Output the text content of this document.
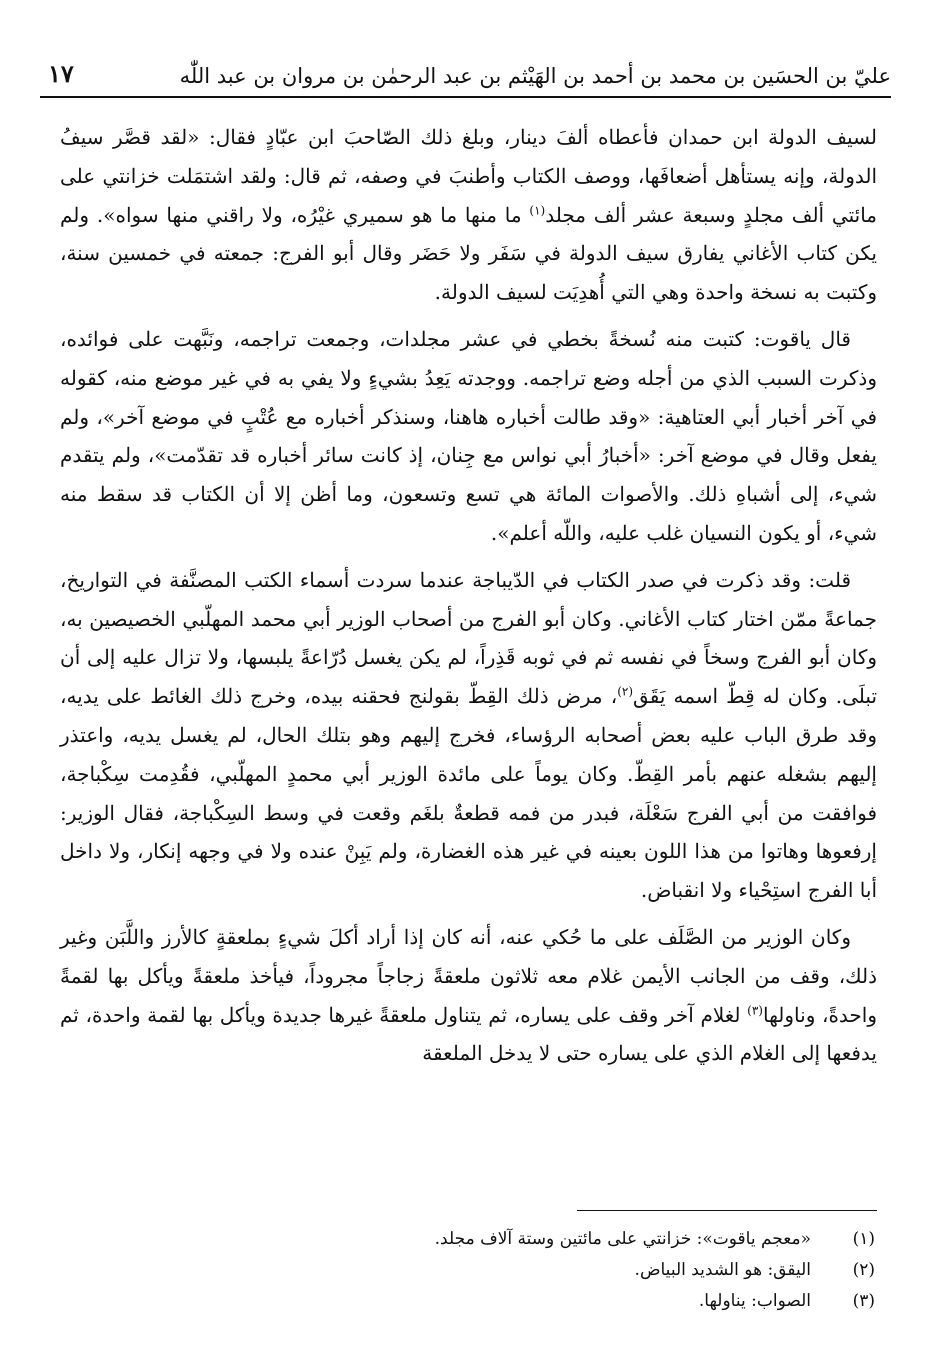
عليّ بن الحسَين بن محمد بن أحمد بن الهَيْثم بن عبد الرحمٰن بن مروان بن عبد اللّٰه
١٧

لسيف الدولة ابن حمدان فأعطاه ألفَ دينار، وبلغ ذلك الصّاحبَ ابن عبّادٍ فقال: «لقد قصَّر سيفُ الدولة، وإنه يستأهل أضعافَها، ووصف الكتاب وأطنبَ في وصفه، ثم قال: ولقد اشتمَلت خزانتي على مائتي ألف مجلدٍ وسبعة عشر ألف مجلد$^{(١)}$ ما منها ما هو سميري غيْرُه، ولا راقني منها سواه». ولم يكن كتاب الأغاني يفارق سيف الدولة في سَفَر ولا حَضَر وقال أبو الفرج: جمعته في خمسين سنة، وكتبت به نسخة واحدة وهي التي أُهدِيَت لسيف الدولة.

قال ياقوت: كتبت منه نُسخةً بخطي في عشر مجلدات، وجمعت تراجمه، ونَبَّهت على فوائده، وذكرت السبب الذي من أجله وضع تراجمه. ووجدته يَعِدُ بشيءٍ ولا يفي به في غير موضع منه، كقوله في آخر أخبار أبي العتاهية: «وقد طالت أخباره هاهنا، وسنذكر أخباره مع عُتْبٍ في موضع آخر»، ولم يفعل وقال في موضع آخر: «أخبارُ أبي نواس مع جِنان، إذ كانت سائر أخباره قد تقدّمت»، ولم يتقدم شيء، إلى أشباهِ ذلك. والأصوات المائة هي تسع وتسعون، وما أظن إلا أن الكتاب قد سقط منه شيء، أو يكون النسيان غلب عليه، واللّه أعلم».

قلت: وقد ذكرت في صدر الكتاب في الدّيباجة عندما سردت أسماء الكتب المصنَّفة في التواريخ، جماعةً ممّن اختار كتاب الأغاني. وكان أبو الفرج من أصحاب الوزير أبي محمد المهلّبي الخصيصين به، وكان أبو الفرج وسخاً في نفسه ثم في ثوبه قَذِراً، لم يكن يغسل دُرّاعةً يلبسها، ولا تزال عليه إلى أن تبلَى. وكان له قِطّ اسمه يَقَق$^{(٢)}$، مرض ذلك القِطّ بقولنج فحقنه بيده، وخرج ذلك الغائط على يديه، وقد طرق الباب عليه بعض أصحابه الرؤساء، فخرج إليهم وهو بتلك الحال، لم يغسل يديه، واعتذر إليهم بشغله عنهم بأمر القِطّ. وكان يوماً على مائدة الوزير أبي محمدٍ المهلّبي، فقُدِمت سِكْباجة، فوافقت من أبي الفرج سَعْلَة، فبدر من فمه قطعةٌ بلغَم وقعت في وسط السِكْباجة، فقال الوزير: إرفعوها وهاتوا من هذا اللون بعينه في غير هذه الغضارة، ولم يَبِنْ عنده ولا في وجهه إنكار، ولا داخل أبا الفرج استِحْياء ولا انقباض.

وكان الوزير من الصَّلَف على ما حُكي عنه، أنه كان إذا أراد أكلَ شيءٍ بملعقةٍ كالأرز واللَّبَن وغير ذلك، وقف من الجانب الأيمن غلام معه ثلاثون ملعقةً زجاجاً مجروداً، فيأخذ ملعقةً ويأكل بها لقمةً واحدةً، وناولها$^{(٣)}$ لغلام آخر وقف على يساره، ثم يتناول ملعقةً غيرها جديدة ويأكل بها لقمة واحدة، ثم يدفعها إلى الغلام الذي على يساره حتى لا يدخل الملعقة

(١)
«معجم ياقوت»: خزانتي على مائتين وستة آلاف مجلد.
(٢)
اليقق: هو الشديد البياض.
(٣)
الصواب: يناولها.
